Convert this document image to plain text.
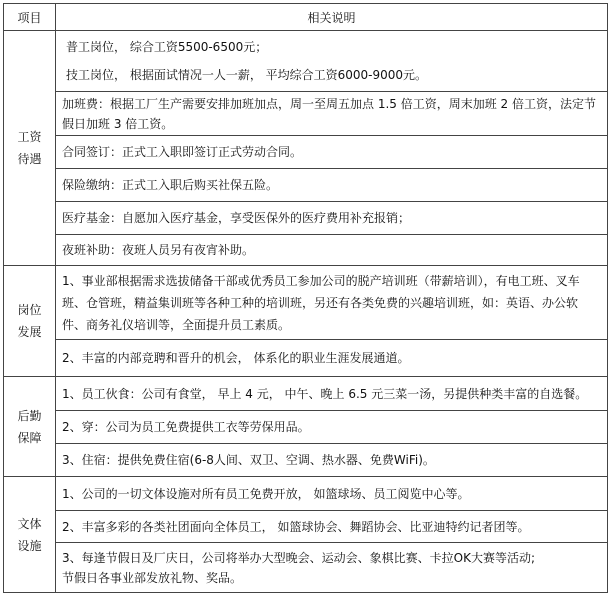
项目	相关说明

工资
待遇	普工岗位， 综合工资5500-6500元；
技工岗位， 根据面试情况一人一薪， 平均综合工资6000-9000元。

	加班费：根据工厂生产需要安排加班加点，周一至周五加点 1.5 倍工资，周末加班 2 倍工资，法定节假日加班 3 倍工资。

	合同签订：正式工入职即签订正式劳动合同。

	保险缴纳：正式工入职后购买社保五险。

	医疗基金：自愿加入医疗基金，享受医保外的医疗费用补充报销；

	夜班补助：夜班人员另有夜宵补助。

岗位
发展	1、事业部根据需求选拔储备干部或优秀员工参加公司的脱产培训班（带薪培训），有电工班、叉车班、仓管班，精益集训班等各种工种的培训班，另还有各类免费的兴趣培训班，如：英语、办公软件、商务礼仪培训等，全面提升员工素质。

	2、丰富的内部竞聘和晋升的机会， 体系化的职业生涯发展通道。

后勤
保障	1、员工伙食：公司有食堂， 早上 4 元， 中午、晚上 6.5 元三菜一汤，另提供种类丰富的自选餐。

	2、穿：公司为员工免费提供工衣等劳保用品。

	3、住宿：提供免费住宿(6-8人间、双卫、空调、热水器、免费WiFi)。

文体
设施	1、公司的一切文体设施对所有员工免费开放， 如篮球场、员工阅览中心等。

	2、丰富多彩的各类社团面向全体员工， 如篮球协会、舞蹈协会、比亚迪特约记者团等。

	3、每逢节假日及厂庆日，公司将举办大型晚会、运动会、象棋比赛、卡拉OK大赛等活动;
节假日各事业部发放礼物、奖品。
